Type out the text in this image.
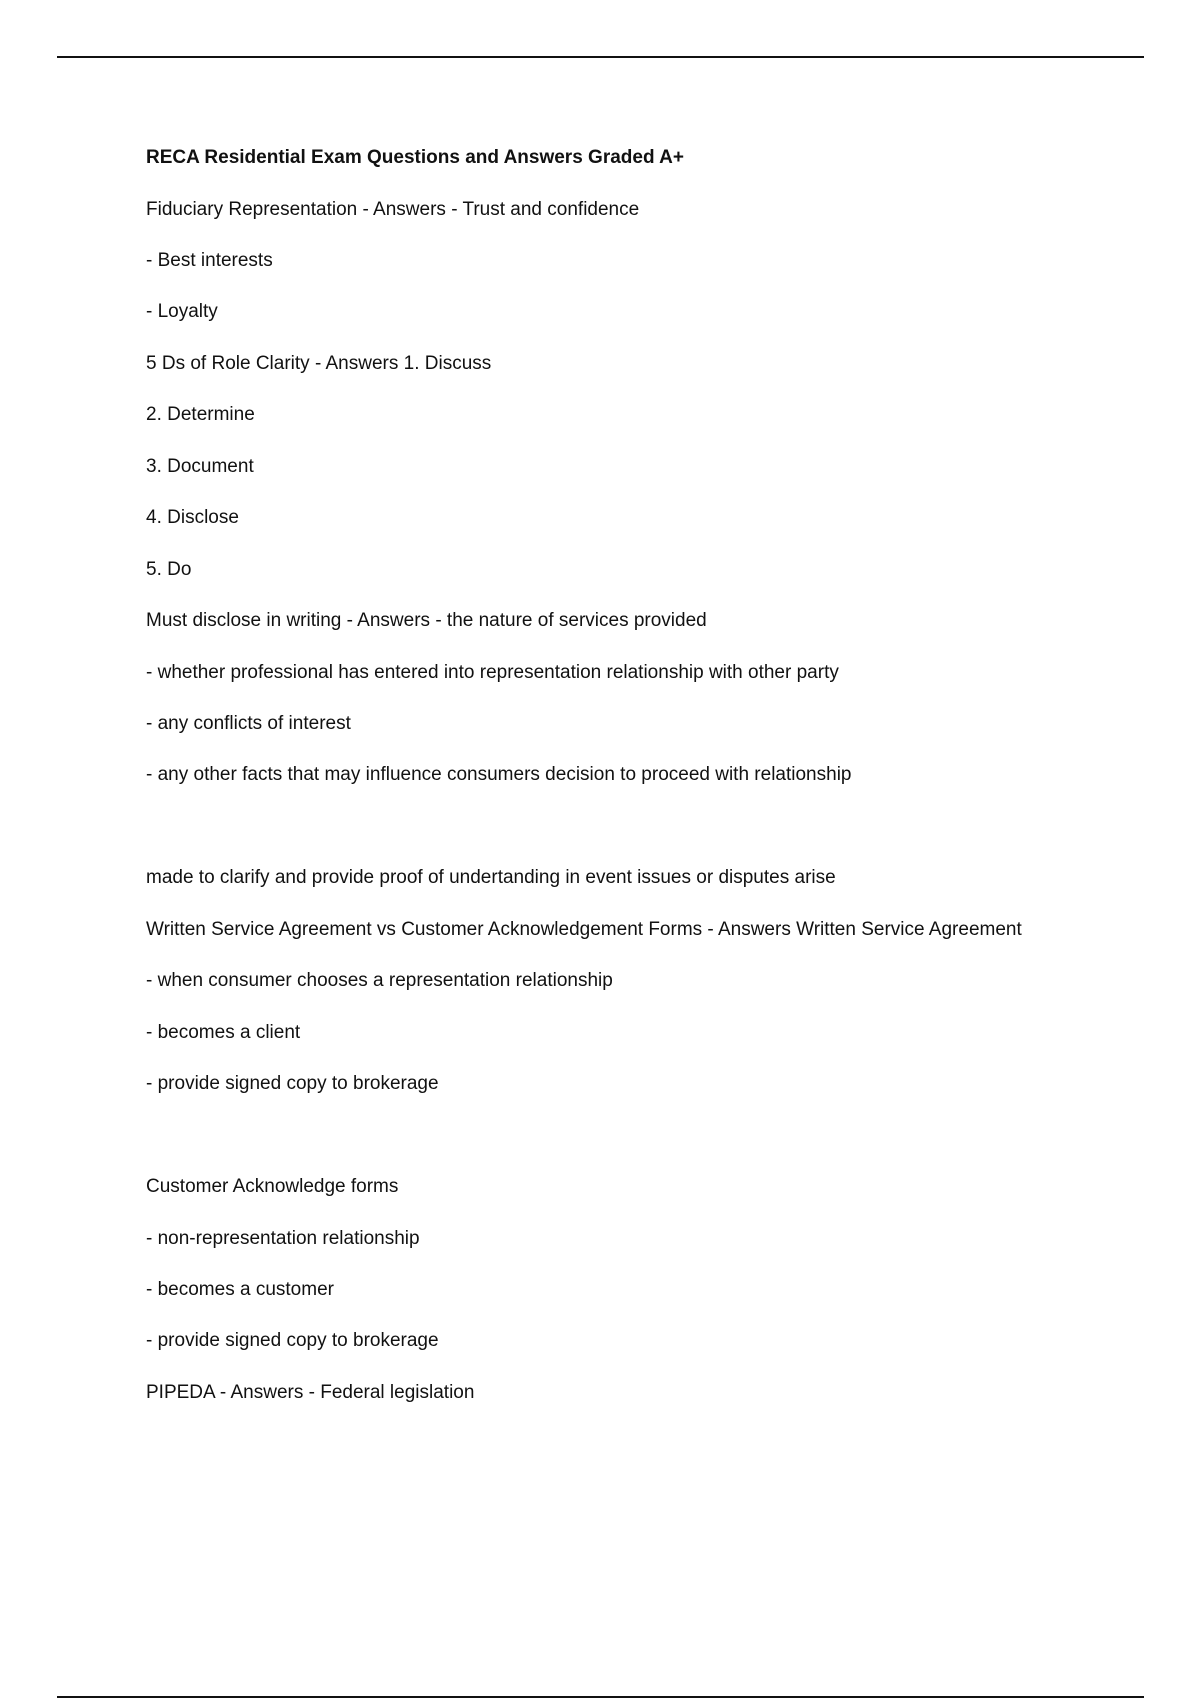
RECA Residential Exam Questions and Answers Graded A+

Fiduciary Representation - Answers - Trust and confidence

- Best interests

- Loyalty

5 Ds of Role Clarity - Answers 1. Discuss

2. Determine

3. Document

4. Disclose

5. Do

Must disclose in writing - Answers - the nature of services provided

- whether professional has entered into representation relationship with other party

- any conflicts of interest

- any other facts that may influence consumers decision to proceed with relationship

made to clarify and provide proof of undertanding in event issues or disputes arise

Written Service Agreement vs Customer Acknowledgement Forms - Answers Written Service Agreement

- when consumer chooses a representation relationship

- becomes a client

- provide signed copy to brokerage

Customer Acknowledge forms

- non-representation relationship

- becomes a customer

- provide signed copy to brokerage

PIPEDA - Answers - Federal legislation
